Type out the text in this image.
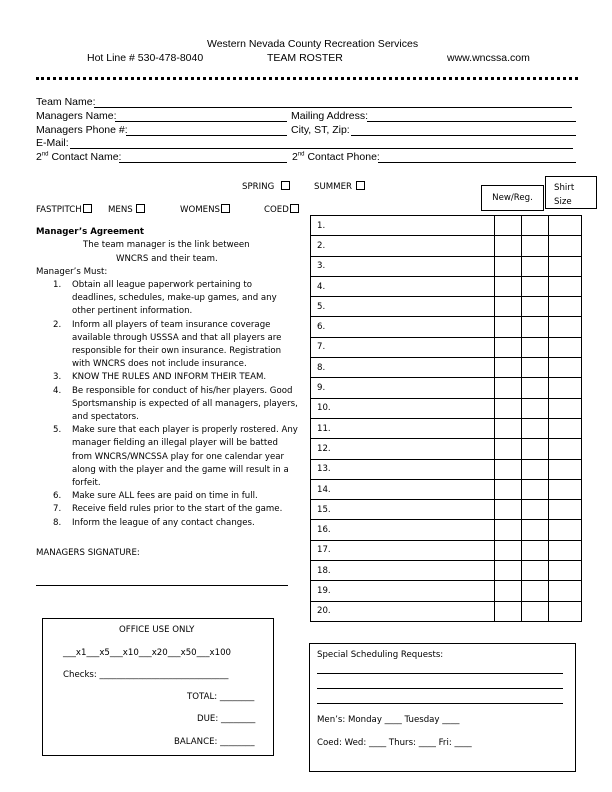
Western Nevada County Recreation Services
Hot Line # 530-478-8040	TEAM ROSTER	www.wncssa.com
Team Name:
Managers Name:	Mailing Address:
Managers Phone #:	City, ST, Zip:
E-Mail:
2nd Contact Name:	2nd Contact Phone:
SPRING	SUMMER
FASTPITCH	MENS	WOMENS	COED
New/Reg.
Shirt
Size
1.			
2.			
3.			
4.			
5.			
6.			
7.			
8.			
9.			
10.			
11.			
12.			
13.			
14.			
15.			
16.			
17.			
18.			
19.			
20.			
Manager’s Agreement
The team manager is the link between
WNCRS and their team.
Manager’s Must:
1. Obtain all league paperwork pertaining to deadlines, schedules, make-up games, and any other pertinent information.
2. Inform all players of team insurance coverage available through USSSA and that all players are responsible for their own insurance. Registration with WNCRS does not include insurance.
3. KNOW THE RULES AND INFORM THEIR TEAM.
4. Be responsible for conduct of his/her players. Good Sportsmanship is expected of all managers, players, and spectators.
5. Make sure that each player is properly rostered. Any manager fielding an illegal player will be batted from WNCRS/WNCSSA play for one calendar year along with the player and the game will result in a forfeit.
6. Make sure ALL fees are paid on time in full.
7. Receive field rules prior to the start of the game.
8. Inform the league of any contact changes.
MANAGERS SIGNATURE:
OFFICE USE ONLY
___x1___x5___x10___x20___x50___x100
Checks: ______________________________
TOTAL: ________
DUE: ________
BALANCE: ________
Special Scheduling Requests:
Men’s: Monday ____ Tuesday ____
Coed: Wed: ____ Thurs: ____ Fri: ____
